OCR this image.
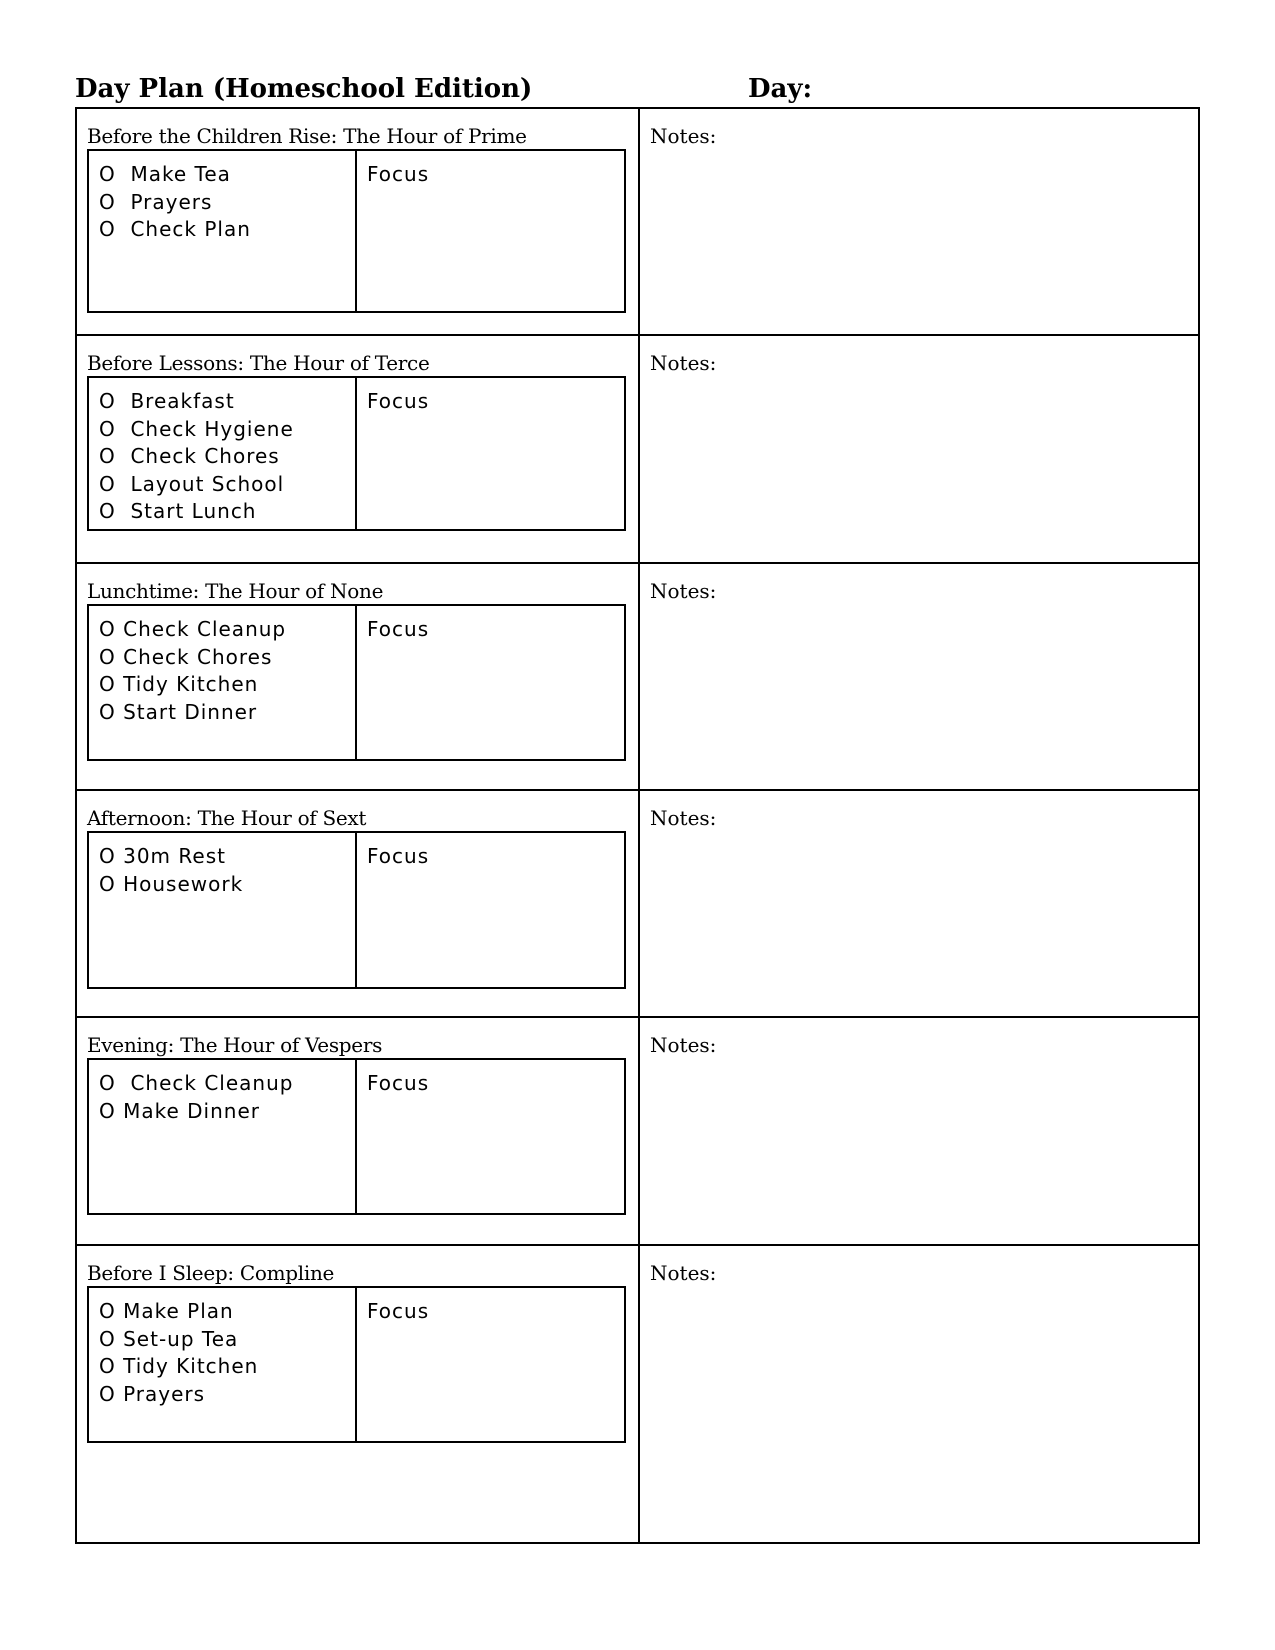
Day Plan (Homeschool Edition)	Day:
Before the Children Rise: The Hour of Prime
O  Make Tea
O  Prayers
O  Check Plan
Focus
Notes:
Before Lessons: The Hour of Terce
O  Breakfast
O  Check Hygiene
O  Check Chores
O  Layout School
O  Start Lunch
Focus
Notes:
Lunchtime: The Hour of None
O Check Cleanup
O Check Chores
O Tidy Kitchen
O Start Dinner
Focus
Notes:
Afternoon: The Hour of Sext
O 30m Rest
O Housework
Focus
Notes:
Evening: The Hour of Vespers
O  Check Cleanup
O Make Dinner
Focus
Notes:
Before I Sleep: Compline
O Make Plan
O Set-up Tea
O Tidy Kitchen
O Prayers
Focus
Notes:
